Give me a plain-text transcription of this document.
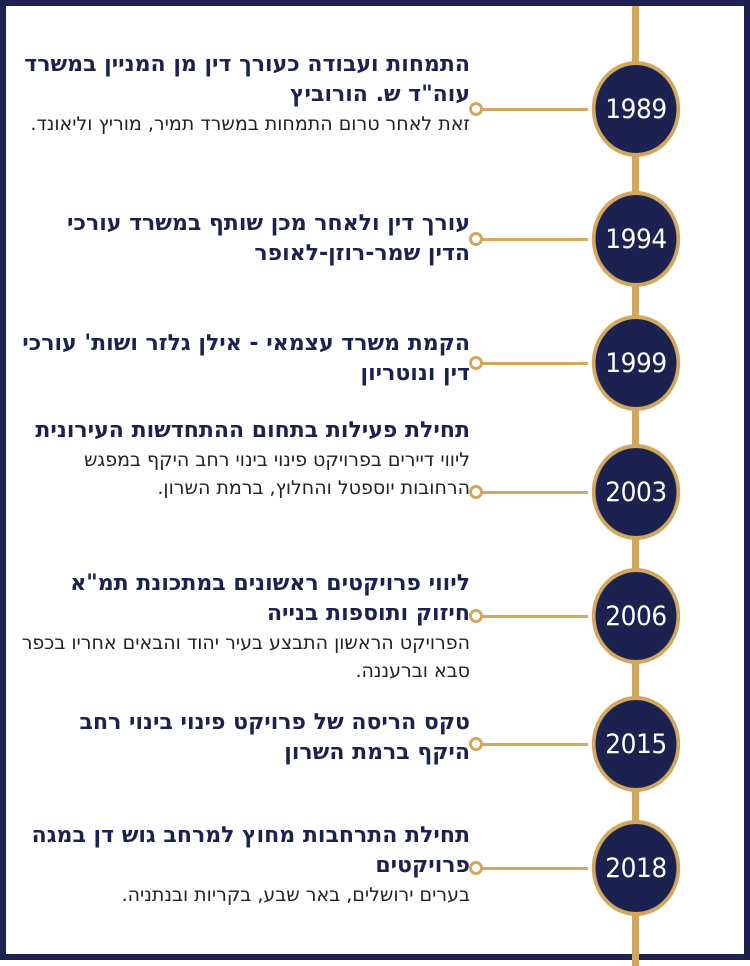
1989

התמחות ועבודה כעורך דין מן המניין במשרד עוה"ד ש. הורוביץ

זאת לאחר טרום התמחות במשרד תמיר, מוריץ וליאונד.

1994

עורך דין ולאחר מכן שותף במשרד עורכי הדין שמר-רוזן-לאופר

1999

הקמת משרד עצמאי - אילן גלזר ושות' עורכי דין ונוטריון

2003

תחילת פעילות בתחום ההתחדשות העירונית

ליווי דיירים בפרויקט פינוי בינוי רחב היקף במפגש הרחובות יוספטל והחלוץ, ברמת השרון.

2006

ליווי פרויקטים ראשונים במתכונת תמ"א חיזוק ותוספות בנייה

הפרויקט הראשון התבצע בעיר יהוד והבאים אחריו בכפר סבא וברעננה.

2015

טקס הריסה של פרויקט פינוי בינוי רחב היקף ברמת השרון

2018

תחילת התרחבות מחוץ למרחב גוש דן במגה פרויקטים

בערים ירושלים, באר שבע, בקריות ובנתניה.
